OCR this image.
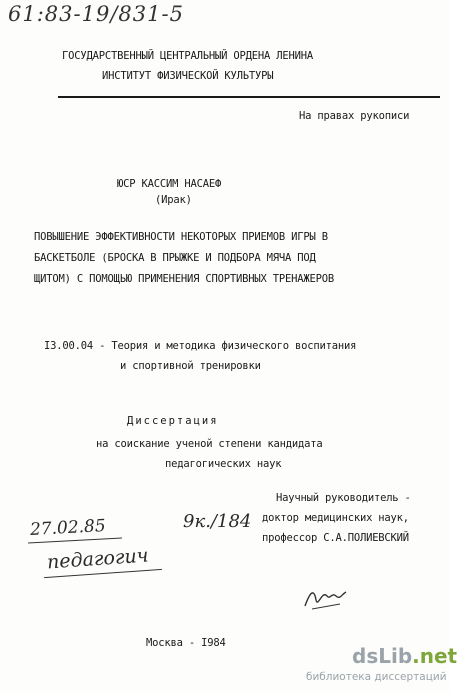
61:83-19/831-5
ГОСУДАРСТВЕННЫЙ ЦЕНТРАЛЬНЫЙ ОРДЕНА ЛЕНИНА
ИНСТИТУТ ФИЗИЧЕСКОЙ КУЛЬТУРЫ
На правах рукописи
ЮСР КАССИМ НАСАЕФ
(Ирак)
ПОВЫШЕНИЕ ЭФФЕКТИВНОСТИ НЕКОТОРЫХ ПРИЕМОВ ИГРЫ В
БАСКЕТБОЛЕ (БРОСКА В ПРЫЖКЕ И ПОДБОРА МЯЧА ПОД
ЩИТОМ) С ПОМОЩЬЮ ПРИМЕНЕНИЯ СПОРТИВНЫХ ТРЕНАЖЕРОВ
I3.00.04 - Теория и методика физического воспитания
и спортивной тренировки
Диссертация
на соискание ученой степени кандидата
педагогических наук
Научный руководитель -
доктор медицинских наук,
профессор С.А.ПОЛИЕВСКИЙ
27.02.85	9к./184
педагогич
Москва - I984
dsLib.net
библиотека диссертаций
